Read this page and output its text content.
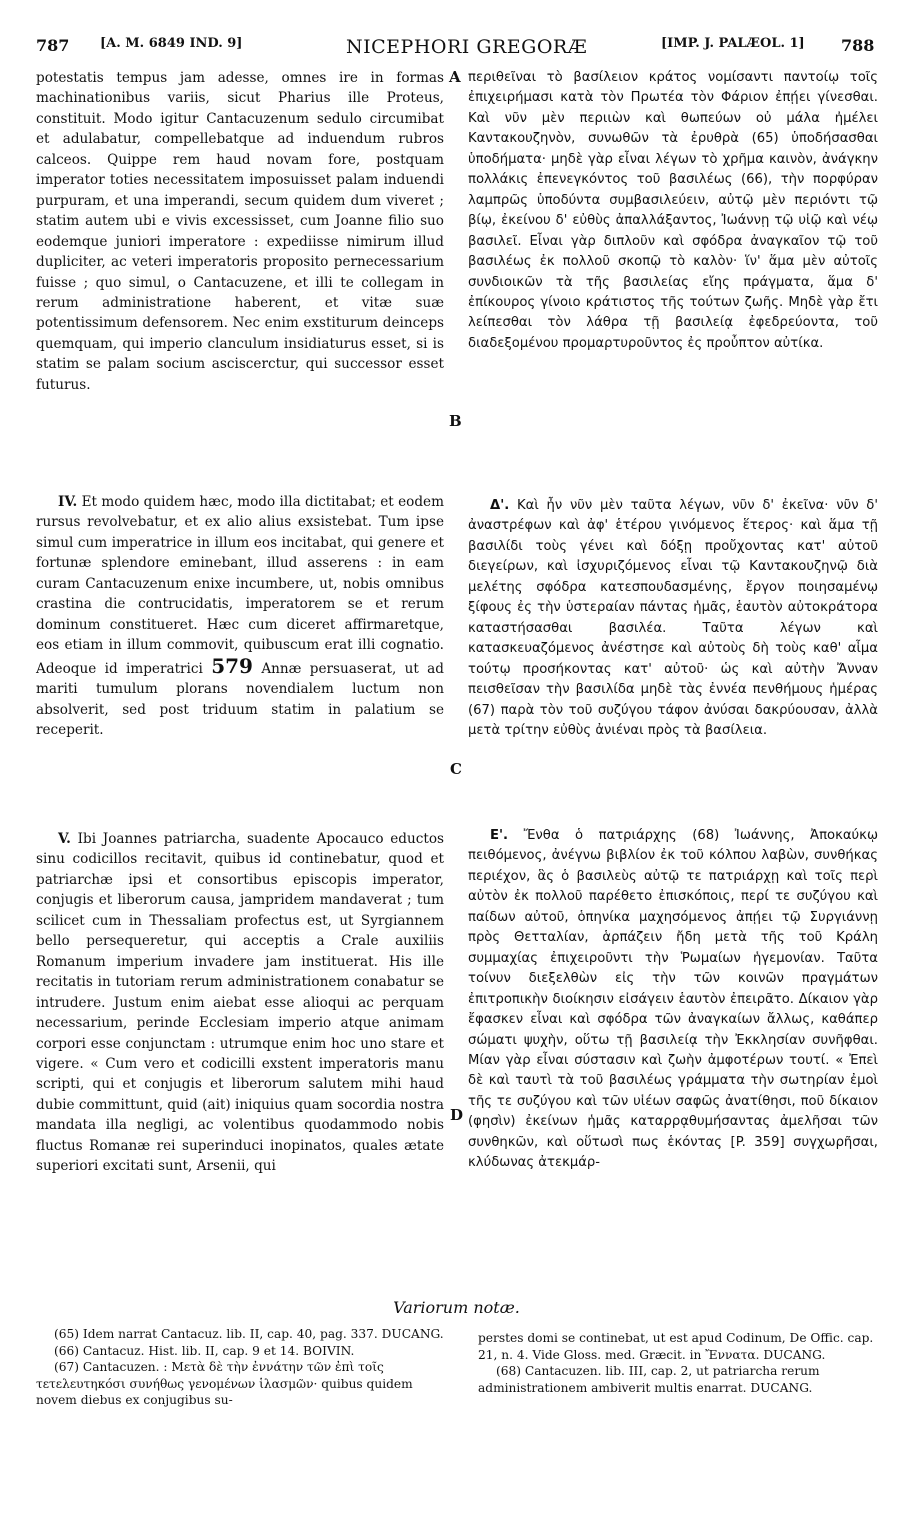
787 [A. M. 6849 IND. 9]	NICEPHORI GREGORÆ	[IMP. J. PALÆOL. 1] 788
A
B
C
D

potestatis tempus jam adesse, omnes ire in formas machinationibus variis, sicut Pharius ille Proteus, constituit. Modo igitur Cantacuzenum sedulo circumibat et adulabatur, compellebatque ad induendum rubros calceos. Quippe rem haud novam fore, postquam imperator toties necessitatem imposuisset palam induendi purpuram, et una imperandi, secum quidem dum viveret ; statim autem ubi e vivis excessisset, cum Joanne filio suo eodemque juniori imperatore : expediisse nimirum illud dupliciter, ac veteri imperatoris proposito pernecessarium fuisse ; quo simul, o Cantacuzene, et illi te collegam in rerum administratione haberent, et vitæ suæ potentissimum defensorem. Nec enim exstiturum deinceps quemquam, qui imperio clanculum insidiaturus esset, si is statim se palam socium asciscerctur, qui successor esset futurus.

IV. Et modo quidem hæc, modo illa dictitabat; et eodem rursus revolvebatur, et ex alio alius exsistebat. Tum ipse simul cum imperatrice in illum eos incitabat, qui genere et fortunæ splendore eminebant, illud asserens : in eam curam Cantacuzenum enixe incumbere, ut, nobis omnibus crastina die contrucidatis, imperatorem se et rerum dominum constitueret. Hæc cum diceret affirmaretque, eos etiam in illum commovit, quibuscum erat illi cognatio. Adeoque id imperatrici 579 Annæ persuaserat, ut ad mariti tumulum plorans novendialem luctum non absolverit, sed post triduum statim in palatium se receperit.

V. Ibi Joannes patriarcha, suadente Apocauco eductos sinu codicillos recitavit, quibus id continebatur, quod et patriarchæ ipsi et consortibus episcopis imperator, conjugis et liberorum causa, jampridem mandaverat ; tum scilicet cum in Thessaliam profectus est, ut Syrgiannem bello persequeretur, qui acceptis a Crale auxiliis Romanum imperium invadere jam instituerat. His ille recitatis in tutoriam rerum administrationem conabatur se intrudere. Justum enim aiebat esse alioqui ac perquam necessarium, perinde Ecclesiam imperio atque animam corpori esse conjunctam : utrumque enim hoc uno stare et vigere. « Cum vero et codicilli exstent imperatoris manu scripti, qui et conjugis et liberorum salutem mihi haud dubie committunt, quid (ait) iniquius quam socordia nostra mandata illa negligi, ac volentibus quodammodo nobis fluctus Romanæ rei superinduci inopinatos, quales ætate superiori excitati sunt, Arsenii, qui

περιθεῖναι τὸ βασίλειον κράτος νομίσαντι παντοίῳ τοῖς ἐπιχειρήμασι κατὰ τὸν Πρωτέα τὸν Φάριον ἐπῄει γίνεσθαι. Καὶ νῦν μὲν περιιὼν καὶ θωπεύων οὐ μάλα ἠμέλει Καντακουζηνὸν, συνωθῶν τὰ ἐρυθρὰ (65) ὑποδήσασθαι ὑποδήματα· μηδὲ γὰρ εἶναι λέγων τὸ χρῆμα καινὸν, ἀνάγκην πολλάκις ἐπενεγκόντος τοῦ βασιλέως (66), τὴν πορφύραν λαμπρῶς ὑποδύντα συμβασιλεύειν, αὐτῷ μὲν περιόντι τῷ βίῳ, ἐκείνου δ' εὐθὺς ἀπαλλάξαντος, Ἰωάννῃ τῷ υἱῷ καὶ νέῳ βασιλεῖ. Εἶναι γὰρ διπλοῦν καὶ σφόδρα ἀναγκαῖον τῷ τοῦ βασιλέως ἐκ πολλοῦ σκοπῷ τὸ καλὸν· ἵν' ἅμα μὲν αὐτοῖς συνδιοικῶν τὰ τῆς βασιλείας εἴης πράγματα, ἅμα δ' ἐπίκουρος γίνοιο κράτιστος τῆς τούτων ζωῆς. Μηδὲ γὰρ ἔτι λείπεσθαι τὸν λάθρα τῇ βασιλείᾳ ἐφεδρεύοντα, τοῦ διαδεξομένου προμαρτυροῦντος ἐς προὖπτον αὐτίκα.

Δ'. Καὶ ἦν νῦν μὲν ταῦτα λέγων, νῦν δ' ἐκεῖνα· νῦν δ' ἀναστρέφων καὶ ἀφ' ἑτέρου γινόμενος ἕτερος· καὶ ἅμα τῇ βασιλίδι τοὺς γένει καὶ δόξῃ προὔχοντας κατ' αὐτοῦ διεγείρων, καὶ ἰσχυριζόμενος εἶναι τῷ Καντακουζηνῷ διὰ μελέτης σφόδρα κατεσπουδασμένης, ἔργον ποιησαμένῳ ξίφους ἐς τὴν ὑστεραίαν πάντας ἡμᾶς, ἑαυτὸν αὐτοκράτορα καταστήσασθαι βασιλέα. Ταῦτα λέγων καὶ κατασκευαζόμενος ἀνέστησε καὶ αὐτοὺς δὴ τοὺς καθ' αἷμα τούτῳ προσήκοντας κατ' αὐτοῦ· ὡς καὶ αὐτὴν Ἄνναν πεισθεῖσαν τὴν βασιλίδα μηδὲ τὰς ἐννέα πενθήμους ἡμέρας (67) παρὰ τὸν τοῦ συζύγου τάφον ἀνύσαι δακρύουσαν, ἀλλὰ μετὰ τρίτην εὐθὺς ἀνιέναι πρὸς τὰ βασίλεια.

Ε'. Ἔνθα ὁ πατριάρχης (68) Ἰωάννης, Ἀποκαύκῳ πειθόμενος, ἀνέγνω βιβλίον ἐκ τοῦ κόλπου λαβὼν, συνθήκας περιέχον, ἃς ὁ βασιλεὺς αὐτῷ τε πατριάρχῃ καὶ τοῖς περὶ αὐτὸν ἐκ πολλοῦ παρέθετο ἐπισκόποις, περί τε συζύγου καὶ παίδων αὐτοῦ, ὁπηνίκα μαχησόμενος ἀπῄει τῷ Συργιάννῃ πρὸς Θετταλίαν, ἁρπάζειν ἤδη μετὰ τῆς τοῦ Κράλη συμμαχίας ἐπιχειροῦντι τὴν Ῥωμαίων ἡγεμονίαν. Ταῦτα τοίνυν διεξελθὼν εἰς τὴν τῶν κοινῶν πραγμάτων ἐπιτροπικὴν διοίκησιν εἰσάγειν ἑαυτὸν ἐπειρᾶτο. Δίκαιον γὰρ ἔφασκεν εἶναι καὶ σφόδρα τῶν ἀναγκαίων ἄλλως, καθάπερ σώματι ψυχὴν, οὕτω τῇ βασιλείᾳ τὴν Ἐκκλησίαν συνῆφθαι. Μίαν γὰρ εἶναι σύστασιν καὶ ζωὴν ἀμφοτέρων τουτί. « Ἐπεὶ δὲ καὶ ταυτὶ τὰ τοῦ βασιλέως γράμματα τὴν σωτηρίαν ἐμοὶ τῆς τε συζύγου καὶ τῶν υἱέων σαφῶς ἀνατίθησι, ποῦ δίκαιον (φησὶν) ἐκείνων ἡμᾶς καταρρᾳθυμήσαντας ἀμελῆσαι τῶν συνθηκῶν, καὶ οὕτωσὶ πως ἑκόντας [P. 359] συγχωρῆσαι, κλύδωνας ἀτεκμάρ-

Variorum notæ.

(65) Idem narrat Cantacuz. lib. II, cap. 40, pag. 337. DUCANG.

(66) Cantacuz. Hist. lib. II, cap. 9 et 14. BOIVIN.

(67) Cantacuzen. : Μετὰ δὲ τὴν ἐννάτην τῶν ἐπὶ τοῖς τετελευτηκόσι συνήθως γενομένων ἱλασμῶν· quibus quidem novem diebus ex conjugibus su-

perstes domi se continebat, ut est apud Codinum, De Offic. cap. 21, n. 4. Vide Gloss. med. Græcit. in Ἔννατα. DUCANG.

(68) Cantacuzen. lib. III, cap. 2, ut patriarcha rerum administrationem ambiverit multis enarrat. DUCANG.
